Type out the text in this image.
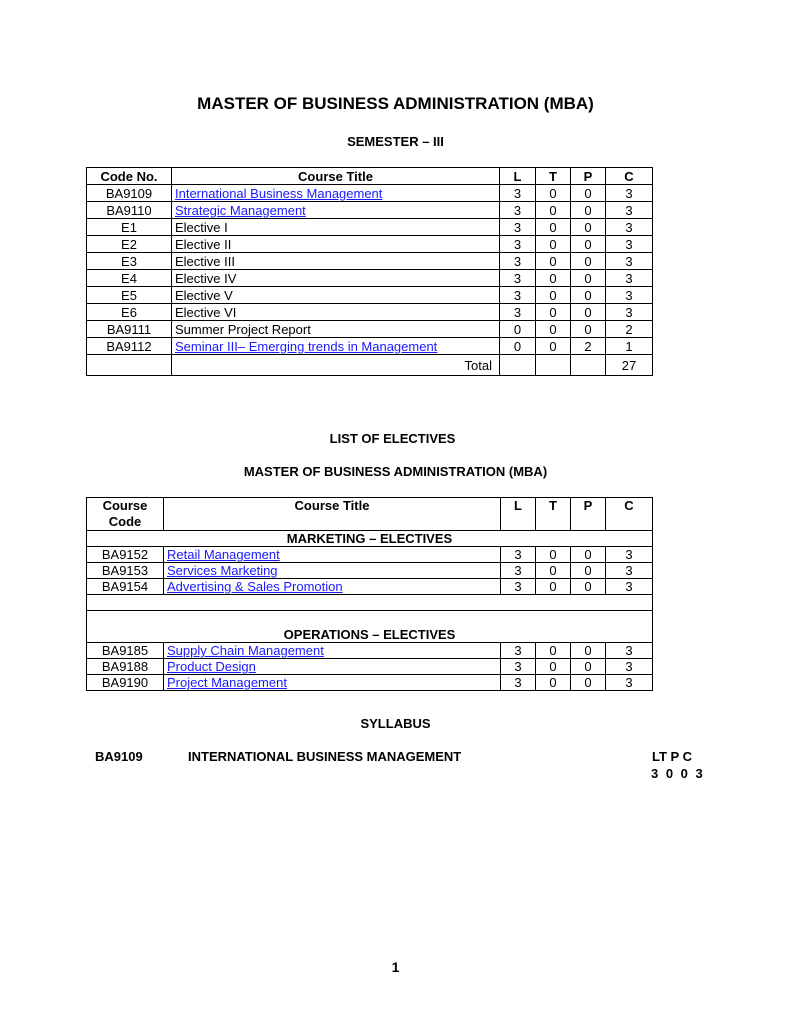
MASTER OF BUSINESS ADMINISTRATION (MBA)
SEMESTER – III
Code No.	Course Title	L	T	P	C
BA9109	International Business Management	3	0	0	3
BA9110	Strategic Management	3	0	0	3
E1	Elective I	3	0	0	3
E2	Elective II	3	0	0	3
E3	Elective III	3	0	0	3
E4	Elective IV	3	0	0	3
E5	Elective V	3	0	0	3
E6	Elective VI	3	0	0	3
BA9111	Summer Project Report	0	0	0	2
BA9112	Seminar III– Emerging trends in Management	0	0	2	1
	Total				27
LIST OF ELECTIVES
MASTER OF BUSINESS ADMINISTRATION (MBA)
Course
Code	Course Title	L	T	P	C
MARKETING – ELECTIVES					
BA9152	Retail Management	3	0	0	3
BA9153	Services Marketing	3	0	0	3
BA9154	Advertising & Sales Promotion	3	0	0	3

OPERATIONS – ELECTIVES					
BA9185	Supply Chain Management	3	0	0	3
BA9188	Product Design	3	0	0	3
BA9190	Project Management	3	0	0	3
SYLLABUS
BA9109	INTERNATIONAL BUSINESS MANAGEMENT	LT P C
3 0 0 3
1
